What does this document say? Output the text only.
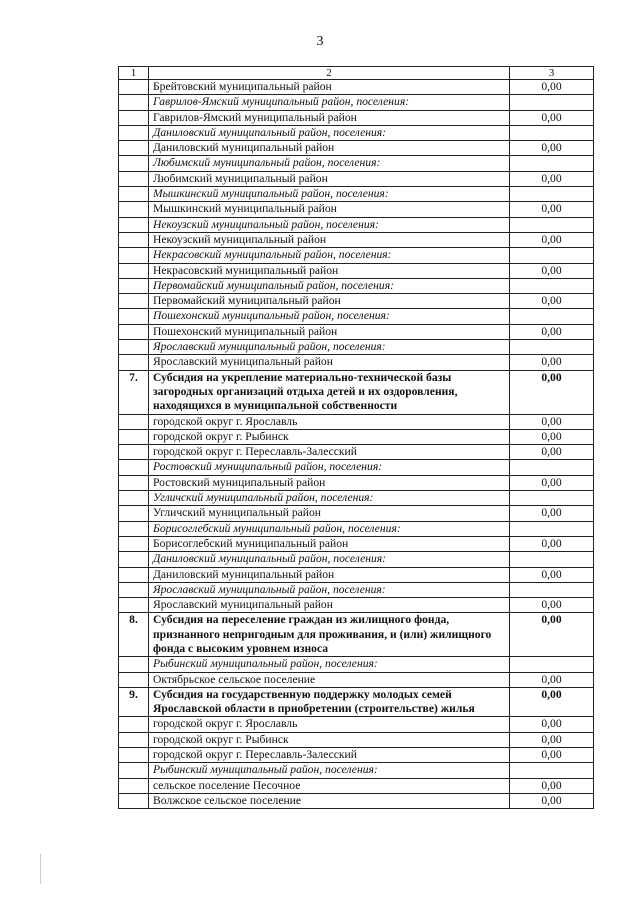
3
1	2	3
	Брейтовский муниципальный район	0,00
	Гаврилов-Ямский муниципальный район, поселения:	
	Гаврилов-Ямский муниципальный район	0,00
	Даниловский муниципальный район, поселения:	
	Даниловский муниципальный район	0,00
	Любимский муниципальный район, поселения:	
	Любимский муниципальный район	0,00
	Мышкинский муниципальный район, поселения:	
	Мышкинский муниципальный район	0,00
	Некоузский муниципальный район, поселения:	
	Некоузский муниципальный район	0,00
	Некрасовский муниципальный район, поселения:	
	Некрасовский муниципальный район	0,00
	Первомайский муниципальный район, поселения:	
	Первомайский муниципальный район	0,00
	Пошехонский муниципальный район, поселения:	
	Пошехонский муниципальный район	0,00
	Ярославский муниципальный район, поселения:	
	Ярославский муниципальный район	0,00
7.	Субсидия на укрепление материально-технической базы загородных организаций отдыха детей и их оздоровления, находящихся в муниципальной собственности	0,00
	городской округ г. Ярославль	0,00
	городской округ г. Рыбинск	0,00
	городской округ г. Переславль-Залесский	0,00
	Ростовский муниципальный район, поселения:	
	Ростовский муниципальный район	0,00
	Угличский муниципальный район, поселения:	
	Угличский муниципальный район	0,00
	Борисоглебский муниципальный район, поселения:	
	Борисоглебский муниципальный район	0,00
	Даниловский муниципальный район, поселения:	
	Даниловский муниципальный район	0,00
	Ярославский муниципальный район, поселения:	
	Ярославский муниципальный район	0,00
8.	Субсидия на переселение граждан из жилищного фонда, признанного непригодным для проживания, и (или) жилищного фонда с высоким уровнем износа	0,00
	Рыбинский муниципальный район, поселения:	
	Октябрьское сельское поселение	0,00
9.	Субсидия на государственную поддержку молодых семей Ярославской области в приобретении (строительстве) жилья	0,00
	городской округ г. Ярославль	0,00
	городской округ г. Рыбинск	0,00
	городской округ г. Переславль-Залесский	0,00
	Рыбинский муниципальный район, поселения:	
	сельское поселение Песочное	0,00
	Волжское сельское поселение	0,00
